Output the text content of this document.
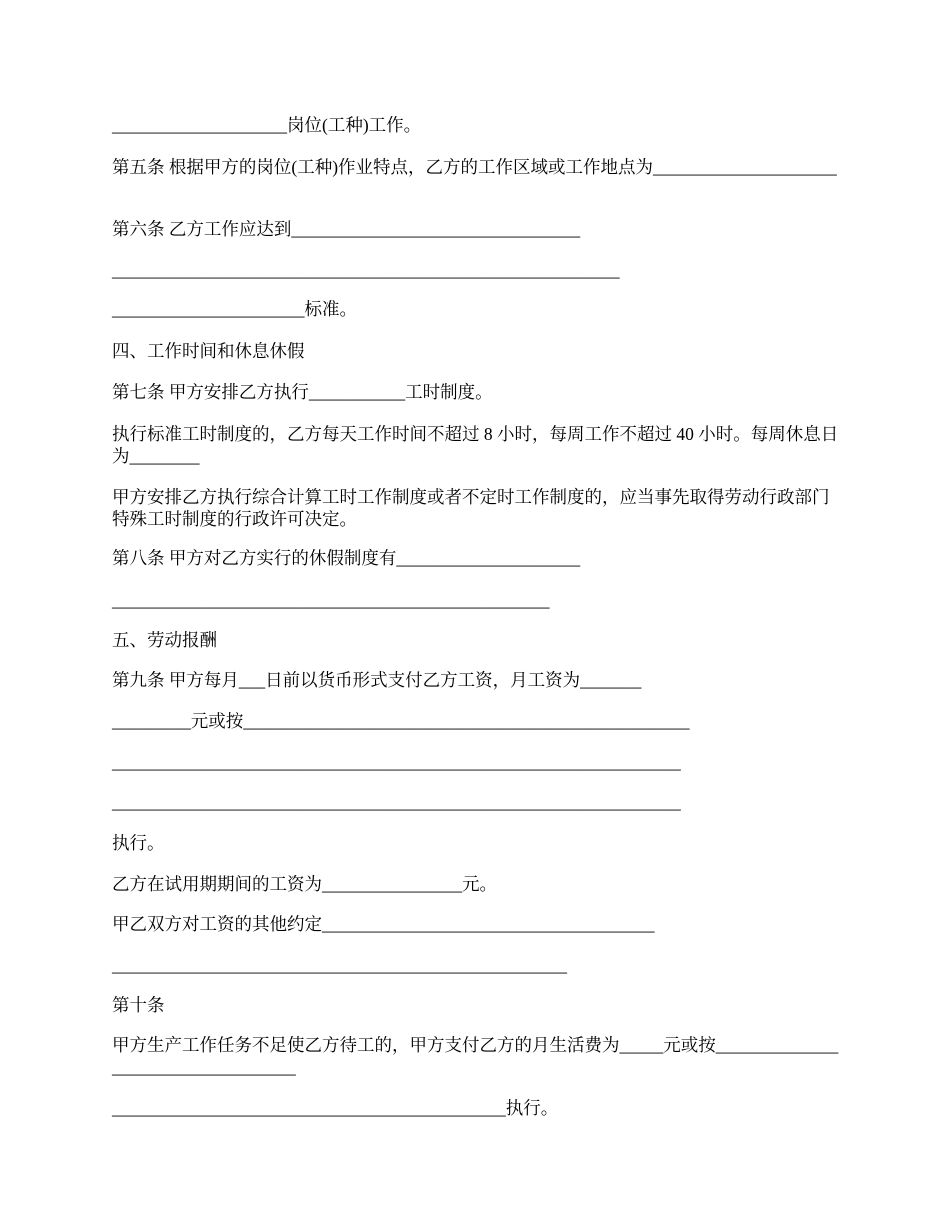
____________________岗位(工种)工作。
第五条 根据甲方的岗位(工种)作业特点，乙方的工作区域或工作地点为_____________________
第六条 乙方工作应达到_________________________________
__________________________________________________________
______________________标准。
四、工作时间和休息休假
第七条 甲方安排乙方执行___________工时制度。
执行标准工时制度的，乙方每天工作时间不超过 8 小时，每周工作不超过 40 小时。每周休息日为________
甲方安排乙方执行综合计算工时工作制度或者不定时工作制度的，应当事先取得劳动行政部门特殊工时制度的行政许可决定。
第八条 甲方对乙方实行的休假制度有_____________________
__________________________________________________
五、劳动报酬
第九条 甲方每月___日前以货币形式支付乙方工资，月工资为_______
_________元或按___________________________________________________
_________________________________________________________________
_________________________________________________________________
执行。
乙方在试用期期间的工资为________________元。
甲乙双方对工资的其他约定______________________________________
____________________________________________________
第十条
甲方生产工作任务不足使乙方待工的，甲方支付乙方的月生活费为_____元或按___________________________________
_____________________________________________执行。
